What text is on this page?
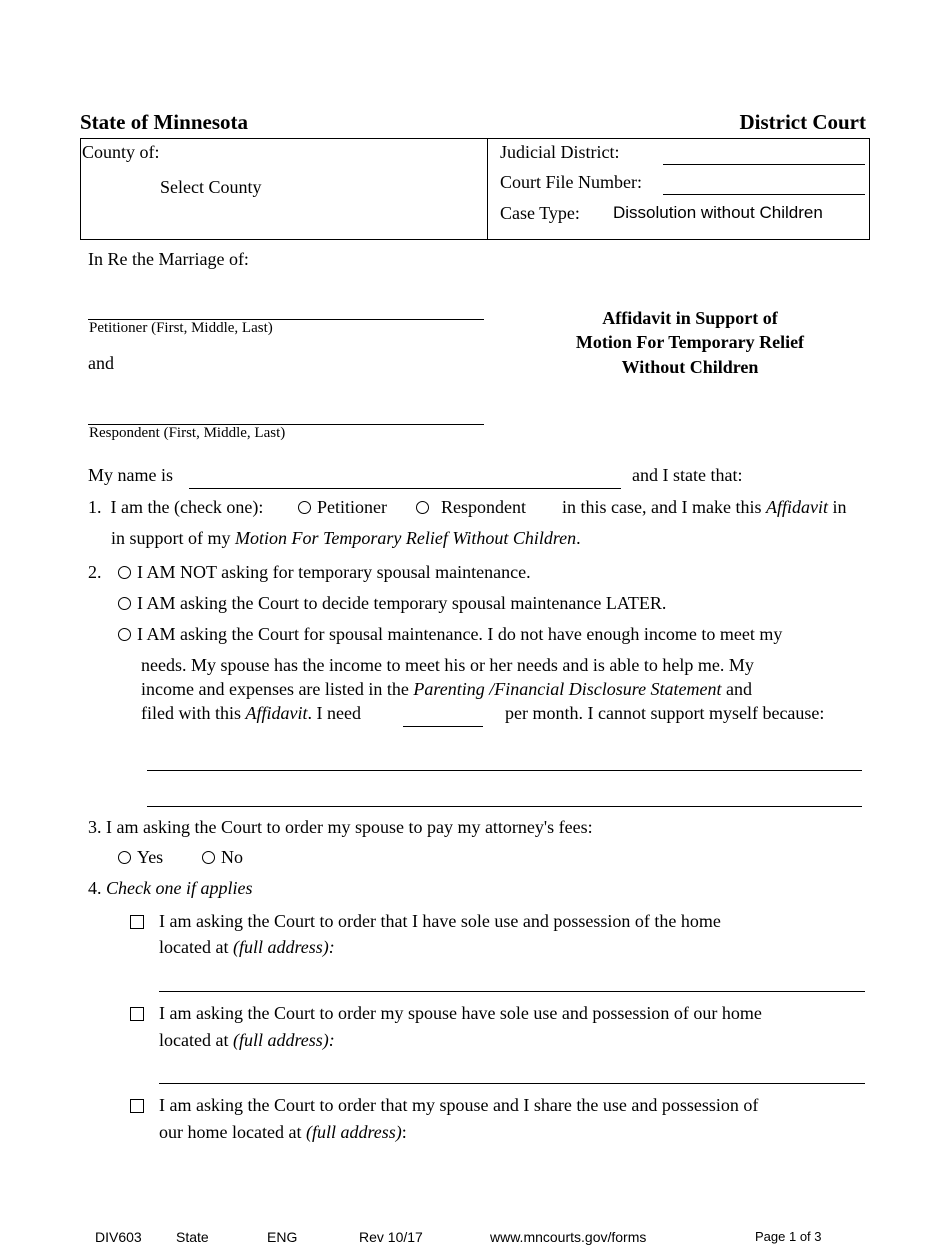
State of Minnesota	District Court
County of:
Select County
Judicial District:
Court File Number:
Case Type: Dissolution without Children
In Re the Marriage of:
Petitioner (First, Middle, Last)
and
Respondent (First, Middle, Last)
Affidavit in Support of
Motion For Temporary Relief
Without Children
My name is	and I state that:
1. I am the (check one):	Petitioner	Respondent in this case, and I make this Affidavit in
in support of my Motion For Temporary Relief Without Children.
2.	I AM NOT asking for temporary spousal maintenance.
I AM asking the Court to decide temporary spousal maintenance LATER.
I AM asking the Court for spousal maintenance. I do not have enough income to meet my
needs. My spouse has the income to meet his or her needs and is able to help me. My
income and expenses are listed in the Parenting /Financial Disclosure Statement and
filed with this Affidavit. I need	per month. I cannot support myself because:
3. I am asking the Court to order my spouse to pay my attorney's fees:
Yes	No
4. Check one if applies
I am asking the Court to order that I have sole use and possession of the home
located at (full address):
I am asking the Court to order my spouse have sole use and possession of our home
located at (full address):
I am asking the Court to order that my spouse and I share the use and possession of
our home located at (full address):
DIV603 State	ENG	Rev 10/17	www.mncourts.gov/forms	Page 1 of 3
